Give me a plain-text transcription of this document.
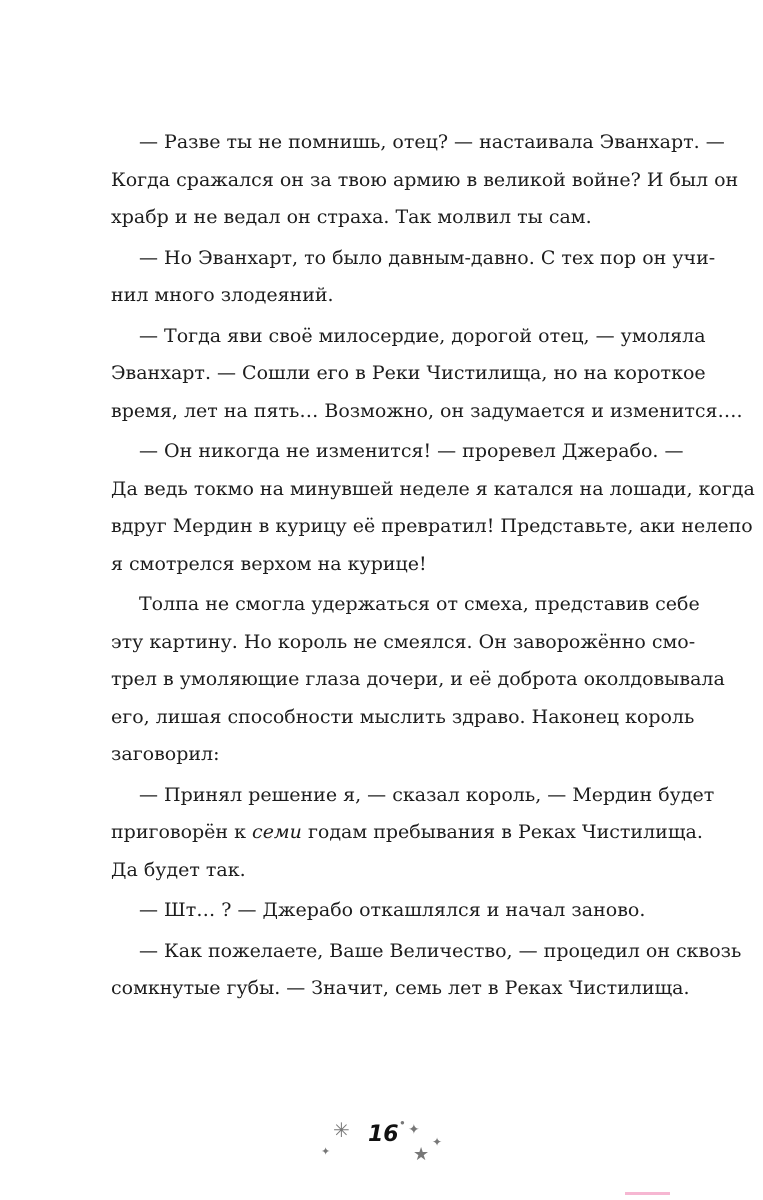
— Разве ты не помнишь, отец? — настаивала Эванхарт. —
Когда сражался он за твою армию в великой войне? И был он
храбр и не ведал он страха. Так молвил ты сам.
— Но Эванхарт, то было давным-давно. С тех пор он учи-
нил много злодеяний.
— Тогда яви своё милосердие, дорогой отец, — умоляла
Эванхарт. — Сошли его в Реки Чистилища, но на короткое
время, лет на пять… Возможно, он задумается и изменится….
— Он никогда не изменится! — проревел Джерабо. —
Да ведь токмо на минувшей неделе я катался на лошади, когда
вдруг Мердин в курицу её превратил! Представьте, аки нелепо
я смотрелся верхом на курице!
Толпа не смогла удержаться от смеха, представив себе
эту картину. Но король не смеялся. Он заворожённо смо-
трел в умоляющие глаза дочери, и её доброта околдовывала
его, лишая способности мыслить здраво. Наконец король
заговорил:
— Принял решение я, — сказал король, — Мердин будет
приговорён к семи годам пребывания в Реках Чистилища.
Да будет так.
— Шт… ? — Джерабо откашлялся и начал заново.
— Как пожелаете, Ваше Величество, — процедил он сквозь
сомкнутые губы. — Значит, семь лет в Реках Чистилища.
✳
✦
16 ●
✦
✦
★
